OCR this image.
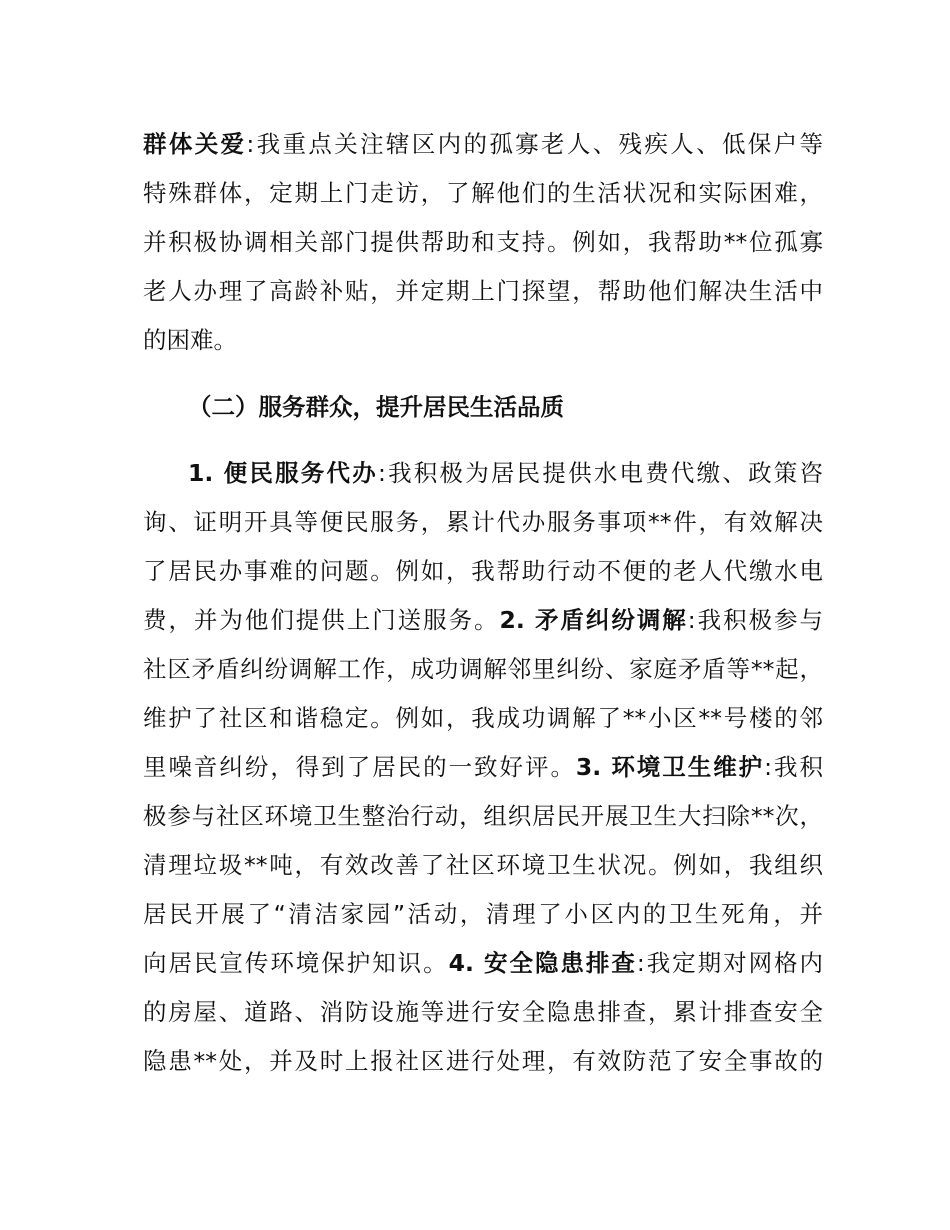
群体关爱:我重点关注辖区内的孤寡老人、残疾人、低保户等
特殊群体，定期上门走访，了解他们的生活状况和实际困难，
并积极协调相关部门提供帮助和支持。例如，我帮助**位孤寡
老人办理了高龄补贴，并定期上门探望，帮助他们解决生活中
的困难。
（二）服务群众，提升居民生活品质
1. 便民服务代办:我积极为居民提供水电费代缴、政策咨
询、证明开具等便民服务，累计代办服务事项**件，有效解决
了居民办事难的问题。例如，我帮助行动不便的老人代缴水电
费，并为他们提供上门送服务。2. 矛盾纠纷调解:我积极参与
社区矛盾纠纷调解工作，成功调解邻里纠纷、家庭矛盾等**起，
维护了社区和谐稳定。例如，我成功调解了**小区**号楼的邻
里噪音纠纷，得到了居民的一致好评。3. 环境卫生维护:我积
极参与社区环境卫生整治行动，组织居民开展卫生大扫除**次，
清理垃圾**吨，有效改善了社区环境卫生状况。例如，我组织
居民开展了“清洁家园”活动，清理了小区内的卫生死角，并
向居民宣传环境保护知识。4. 安全隐患排查:我定期对网格内
的房屋、道路、消防设施等进行安全隐患排查，累计排查安全
隐患**处，并及时上报社区进行处理，有效防范了安全事故的
